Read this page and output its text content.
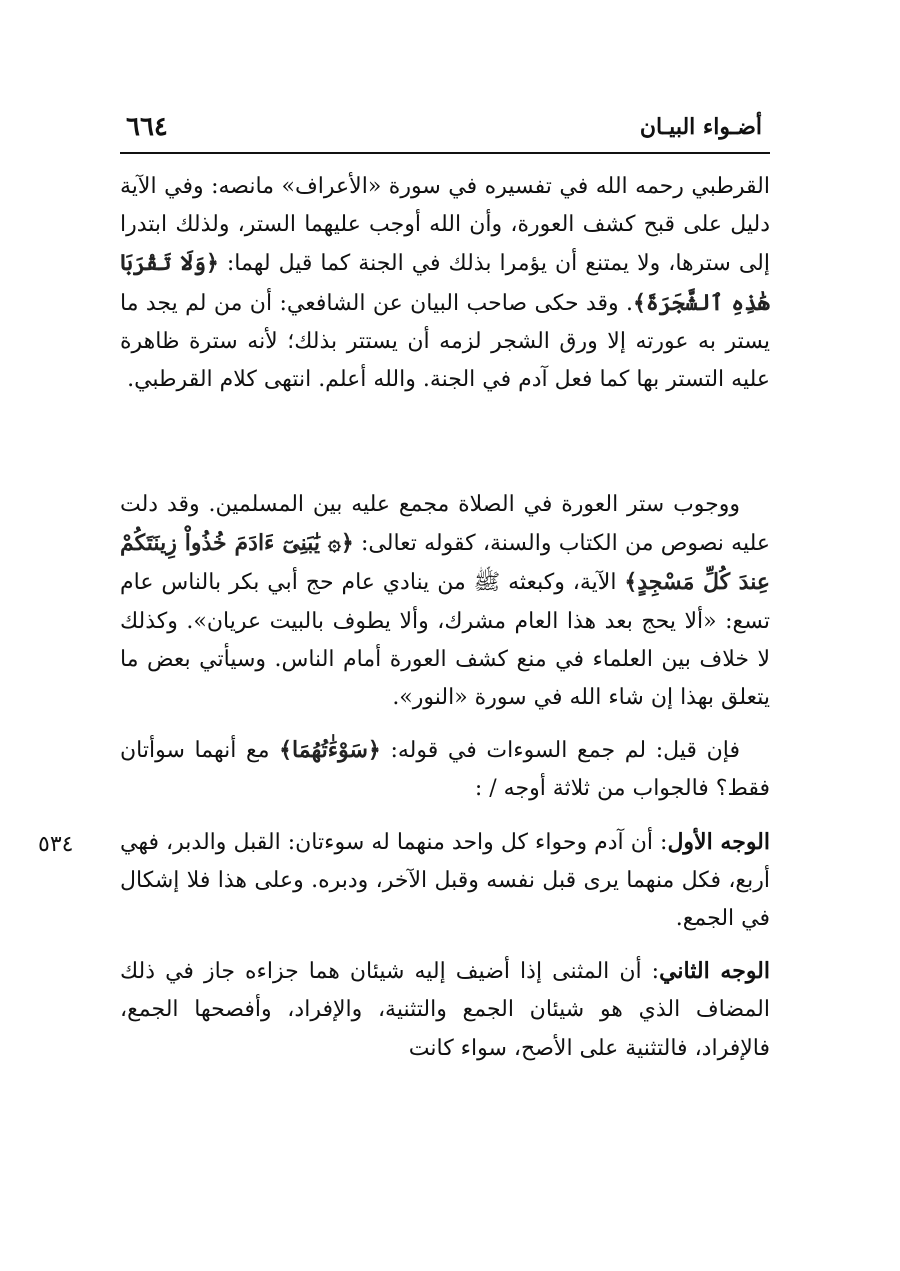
أضـواء البيـان
٦٦٤
٥٣٤

القرطبي رحمه الله في تفسيره في سورة «الأعراف» مانصه: وفي الآية دليل على قبح كشف العورة، وأن الله أوجب عليهما الستر، ولذلك ابتدرا إلى سترها، ولا يمتنع أن يؤمرا بذلك في الجنة كما قيل لهما: ﴿وَلَا تَقْرَبَا هَٰذِهِ ٱلشَّجَرَةَ﴾. وقد حكى صاحب البيان عن الشافعي: أن من لم يجد ما يستر به عورته إلا ورق الشجر لزمه أن يستتر بذلك؛ لأنه سترة ظاهرة عليه التستر بها كما فعل آدم في الجنة. والله أعلم. انتهى كلام القرطبي.

ووجوب ستر العورة في الصلاة مجمع عليه بين المسلمين. وقد دلت عليه نصوص من الكتاب والسنة، كقوله تعالى: ﴿۞ يَٰبَنِىٓ ءَادَمَ خُذُواْ زِينَتَكُمْ عِندَ كُلِّ مَسْجِدٍ﴾ الآية، وكبعثه ﷺ من ينادي عام حج أبي بكر بالناس عام تسع: «ألا يحج بعد هذا العام مشرك، وألا يطوف بالبيت عريان». وكذلك لا خلاف بين العلماء في منع كشف العورة أمام الناس. وسيأتي بعض ما يتعلق بهذا إن شاء الله في سورة «النور».

فإن قيل: لم جمع السوءات في قوله: ﴿سَوْءَٰتُهُمَا﴾ مع أنهما سوأتان فقط؟ فالجواب من ثلاثة أوجه / :

الوجه الأول: أن آدم وحواء كل واحد منهما له سوءتان: القبل والدبر، فهي أربع، فكل منهما يرى قبل نفسه وقبل الآخر، ودبره. وعلى هذا فلا إشكال في الجمع.

الوجه الثاني: أن المثنى إذا أضيف إليه شيئان هما جزاءه جاز في ذلك المضاف الذي هو شيئان الجمع والتثنية، والإفراد، وأفصحها الجمع، فالإفراد، فالتثنية على الأصح، سواء كانت
